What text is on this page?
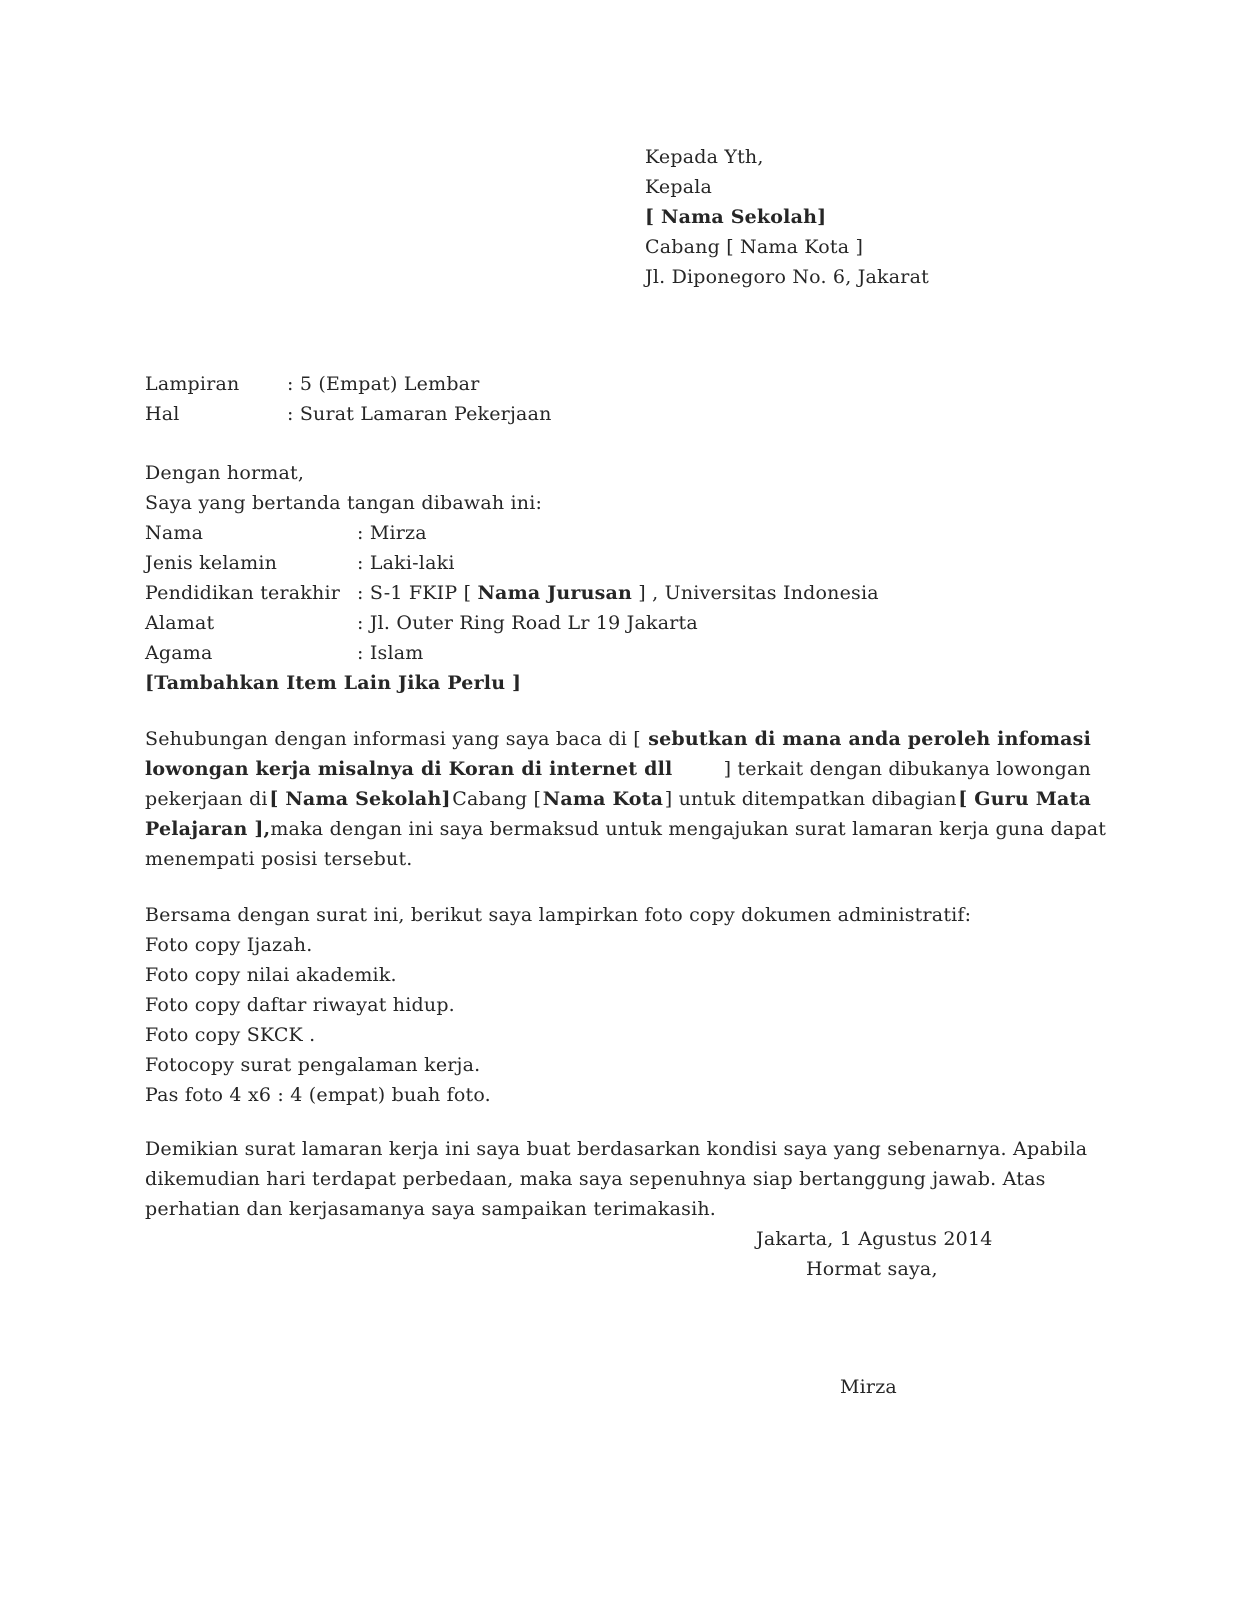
Kepada Yth,
Kepala
[ Nama Sekolah]
Cabang [ Nama Kota ]
Jl. Diponegoro No. 6, Jakarat
Lampiran	: 5 (Empat) Lembar
Hal	: Surat Lamaran Pekerjaan
Dengan hormat,
Saya yang bertanda tangan dibawah ini:
Nama	: Mirza
Jenis kelamin	: Laki-laki
Pendidikan terakhir : S-1 FKIP [ Nama Jurusan ] , Universitas Indonesia
Alamat	: Jl. Outer Ring Road Lr 19 Jakarta
Agama	: Islam
[Tambahkan Item Lain Jika Perlu ]
Sehubungan dengan informasi yang saya baca di [ sebutkan di mana anda peroleh infomasi
lowongan kerja misalnya di Koran di internet dll	] terkait dengan dibukanya lowongan
pekerjaan di [ Nama Sekolah] Cabang [ Nama Kota ] untuk ditempatkan dibagian [ Guru Mata
Pelajaran ], maka dengan ini saya bermaksud untuk mengajukan surat lamaran kerja guna dapat
menempati posisi tersebut.
Bersama dengan surat ini, berikut saya lampirkan foto copy dokumen administratif:
Foto copy Ijazah.
Foto copy nilai akademik.
Foto copy daftar riwayat hidup.
Foto copy SKCK .
Fotocopy surat pengalaman kerja.
Pas foto 4 x6 : 4 (empat) buah foto.
Demikian surat lamaran kerja ini saya buat berdasarkan kondisi saya yang sebenarnya. Apabila
dikemudian hari terdapat perbedaan, maka saya sepenuhnya siap bertanggung jawab. Atas
perhatian dan kerjasamanya saya sampaikan terimakasih.
Jakarta, 1 Agustus 2014
Hormat saya,
Mirza
